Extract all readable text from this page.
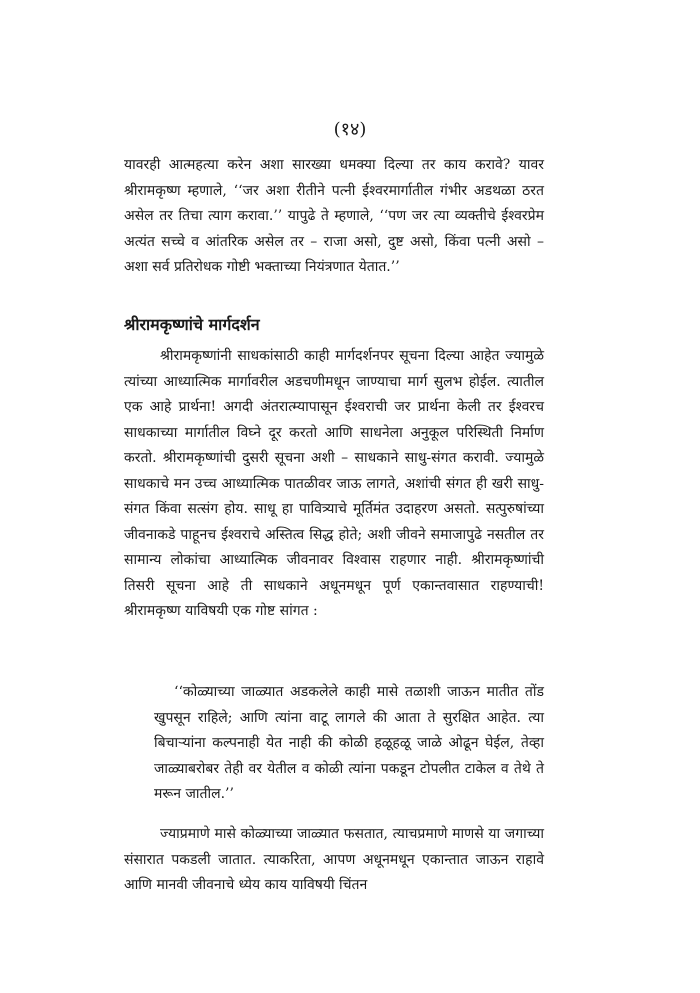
(१४)
यावरही आत्महत्या करेन अशा सारख्या धमक्या दिल्या तर काय करावे? यावर श्रीरामकृष्ण म्हणाले, ‘‘जर अशा रीतीने पत्नी ईश्वरमार्गातील गंभीर अडथळा ठरत असेल तर तिचा त्याग करावा.’’ यापुढे ते म्हणाले, ‘‘पण जर त्या व्यक्तीचे ईश्वरप्रेम अत्यंत सच्चे व आंतरिक असेल तर – राजा असो, दुष्ट असो, किंवा पत्नी असो – अशा सर्व प्रतिरोधक गोष्टी भक्ताच्या नियंत्रणात येतात.’’
श्रीरामकृष्णांचे मार्गदर्शन
श्रीरामकृष्णांनी साधकांसाठी काही मार्गदर्शनपर सूचना दिल्या आहेत ज्यामुळे त्यांच्या आध्यात्मिक मार्गावरील अडचणीमधून जाण्याचा मार्ग सुलभ होईल. त्यातील एक आहे प्रार्थना! अगदी अंतरात्म्यापासून ईश्वराची जर प्रार्थना केली तर ईश्वरच साधकाच्या मार्गातील विघ्ने दूर करतो आणि साधनेला अनुकूल परिस्थिती निर्माण करतो. श्रीरामकृष्णांची दुसरी सूचना अशी – साधकाने साधु-संगत करावी. ज्यामुळे साधकाचे मन उच्च आध्यात्मिक पातळीवर जाऊ लागते, अशांची संगत ही खरी साधु-संगत किंवा सत्संग होय. साधू हा पावित्र्याचे मूर्तिमंत उदाहरण असतो. सत्पुरुषांच्या जीवनाकडे पाहूनच ईश्वराचे अस्तित्व सिद्ध होते; अशी जीवने समाजापुढे नसतील तर सामान्य लोकांचा आध्यात्मिक जीवनावर विश्वास राहणार नाही. श्रीरामकृष्णांची तिसरी सूचना आहे ती साधकाने अधूनमधून पूर्ण एकान्तवासात राहण्याची! श्रीरामकृष्ण याविषयी एक गोष्ट सांगत :
‘‘कोळ्याच्या जाळ्यात अडकलेले काही मासे तळाशी जाऊन मातीत तोंड खुपसून राहिले; आणि त्यांना वाटू लागले की आता ते सुरक्षित आहेत. त्या बिचाऱ्यांना कल्पनाही येत नाही की कोळी हळूहळू जाळे ओढून घेईल, तेव्हा जाळ्याबरोबर तेही वर येतील व कोळी त्यांना पकडून टोपलीत टाकेल व तेथे ते मरून जातील.’’
ज्याप्रमाणे मासे कोळ्याच्या जाळ्यात फसतात, त्याचप्रमाणे माणसे या जगाच्या संसारात पकडली जातात. त्याकरिता, आपण अधूनमधून एकान्तात जाऊन राहावे आणि मानवी जीवनाचे ध्येय काय याविषयी चिंतन
